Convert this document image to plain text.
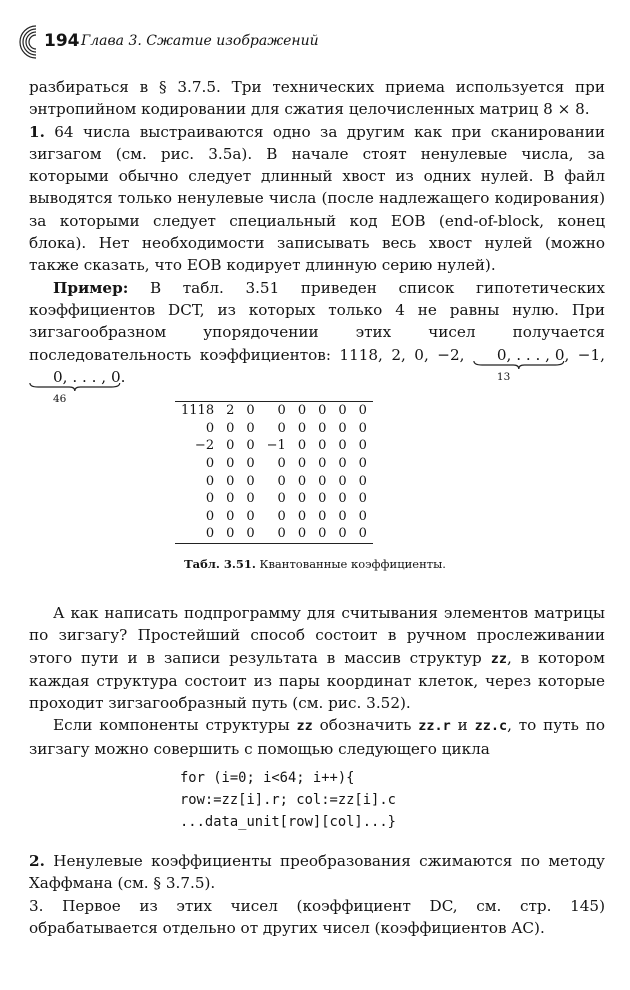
194 Глава 3. Сжатие изображений

разбираться в § 3.7.5. Три технических приема используется при энтропийном кодировании для сжатия целочисленных матриц 8 × 8.

1. 64 числа выстраиваются одно за другим как при сканировании зигзагом (см. рис. 3.5а). В начале стоят ненулевые числа, за которыми обычно следует длинный хвост из одних нулей. В файл выводятся только ненулевые числа (после надлежащего кодирования) за которыми следует специальный код EOB (end-of-block, конец блока). Нет необходимости записывать весь хвост нулей (можно также сказать, что EOB кодирует длинную серию нулей).

Пример: В табл. 3.51 приведен список гипотетических коэффициентов DCT, из которых только 4 не равны нулю. При зигзагообразном упорядочении этих чисел получается последовательность коэффициентов: 1118, 2, 0, −2, 0, . . . , 0
13
, −1, 0, . . . , 0
46
.

1118	2	0	0	0	0	0	0
0	0	0	0	0	0	0	0
−2	0	0	−1	0	0	0	0
0	0	0	0	0	0	0	0
0	0	0	0	0	0	0	0
0	0	0	0	0	0	0	0
0	0	0	0	0	0	0	0
0	0	0	0	0	0	0	0
Табл. 3.51. Квантованные коэффициенты.

А как написать подпрограмму для считывания элементов матрицы по зигзагу? Простейший способ состоит в ручном прослеживании этого пути и в записи результата в массив структур zz, в котором каждая структура состоит из пары координат клеток, через которые проходит зигзагообразный путь (см. рис. 3.52).

Если компоненты структуры zz обозначить zz.r и zz.c, то путь по зигзагу можно совершить с помощью следующего цикла

for (i=0; i<64; i++){
row:=zz[i].r; col:=zz[i].c
...data_unit[row][col]...}

2. Ненулевые коэффициенты преобразования сжимаются по методу Хаффмана (см. § 3.7.5).

3. Первое из этих чисел (коэффициент DC, см. стр. 145) обрабатывается отдельно от других чисел (коэффициентов AC).
